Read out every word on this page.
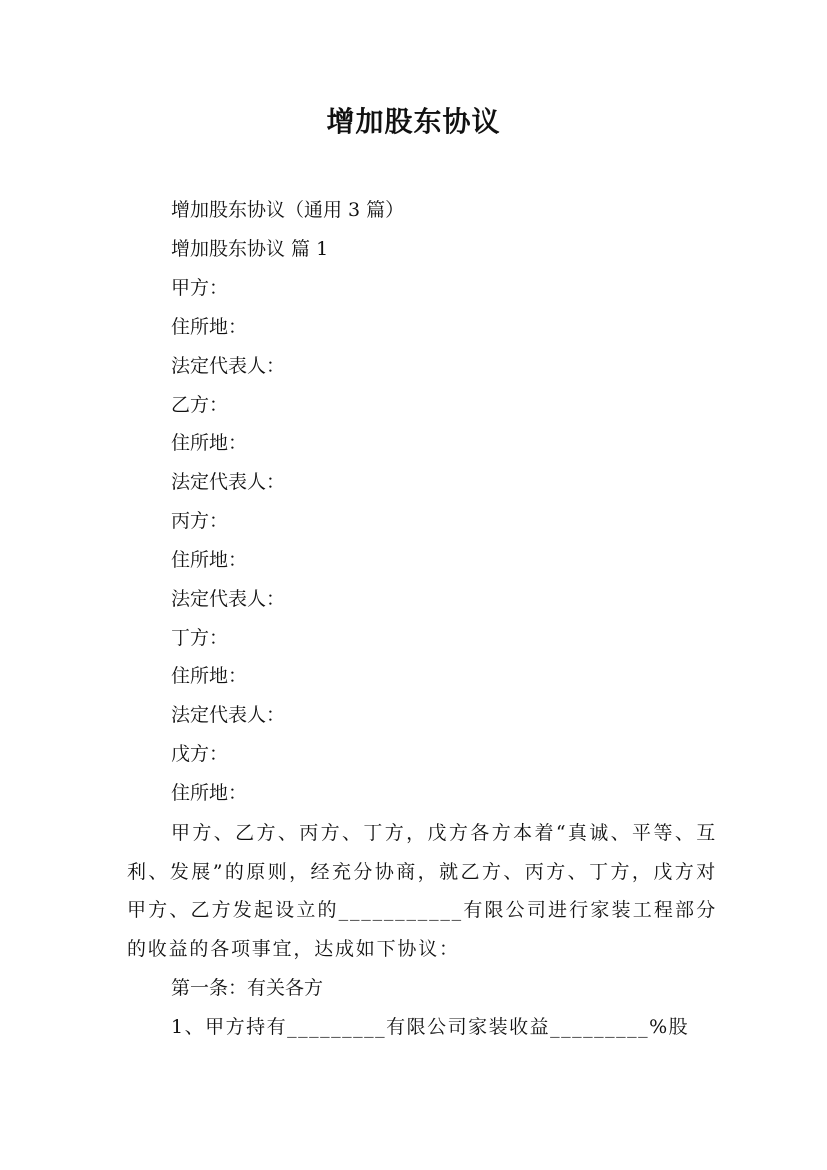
增加股东协议
增加股东协议（通用 3 篇）
增加股东协议 篇 1
甲方：
住所地：
法定代表人：
乙方：
住所地：
法定代表人：
丙方：
住所地：
法定代表人：
丁方：
住所地：
法定代表人：
戊方：
住所地：
甲方、乙方、丙方、丁方，戊方各方本着“真诚、平等、互利、发展”的原则，经充分协商，就乙方、丙方、丁方，戊方对甲方、乙方发起设立的___________有限公司进行家装工程部分的收益的各项事宜，达成如下协议：
第一条：有关各方
1、甲方持有_________有限公司家装收益_________%股
